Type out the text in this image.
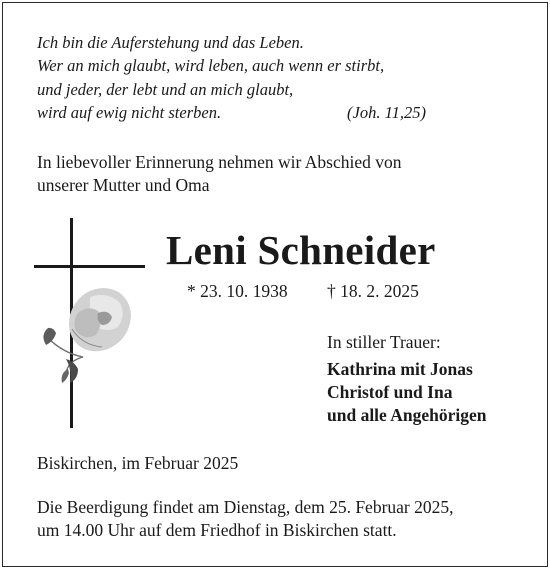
Ich bin die Auferstehung und das Leben.
Wer an mich glaubt, wird leben, auch wenn er stirbt,
und jeder, der lebt und an mich glaubt,
wird auf ewig nicht sterben.	(Joh. 11,25)
In liebevoller Erinnerung nehmen wir Abschied von
unserer Mutter und Oma
Leni Schneider
* 23. 10. 1938 † 18. 2. 2025
In stiller Trauer:
Kathrina mit Jonas
Christof und Ina
und alle Angehörigen
Biskirchen, im Februar 2025
Die Beerdigung findet am Dienstag, dem 25. Februar 2025,
um 14.00 Uhr auf dem Friedhof in Biskirchen statt.
